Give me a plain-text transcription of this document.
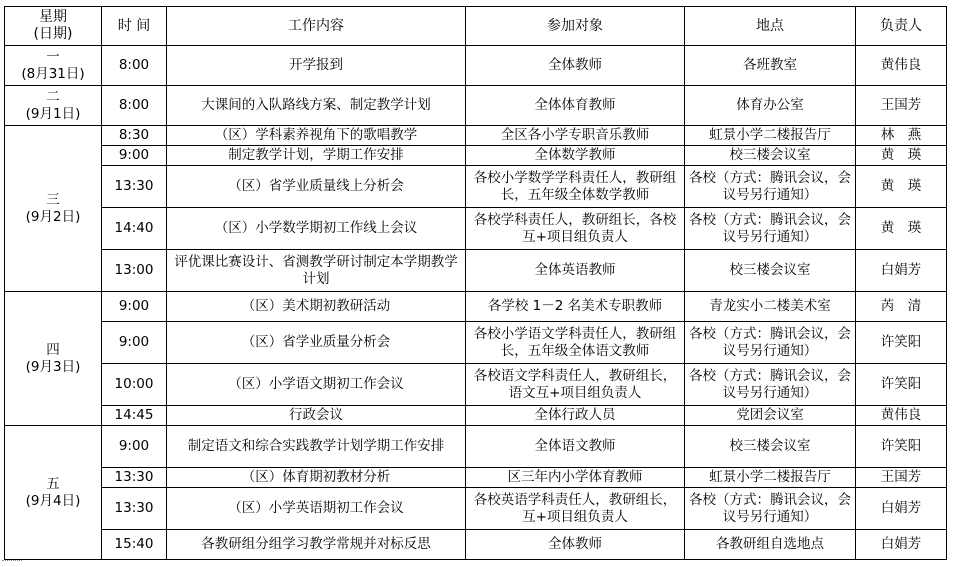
星期
(日期)	时 间	工作内容	参加对象	地点	负责人
一
(8月31日)	8:00	开学报到	全体教师	各班教室	黄伟良
二
(9月1日)	8:00	大课间的入队路线方案、制定教学计划	全体体育教师	体育办公室	王国芳
三
(9月2日)	8:30	（区）学科素养视角下的歌唱教学	全区各小学专职音乐教师	虹景小学二楼报告厅	林　燕
	9:00	制定教学计划，学期工作安排	全体数学教师	校三楼会议室	黄　瑛
	13:30	（区）省学业质量线上分析会	各校小学数学学科责任人，教研组长，五年级全体数学教师	各校（方式：腾讯会议，会议号另行通知）	黄　瑛
	14:40	（区）小学数学期初工作线上会议	各校学科责任人，教研组长，各校互+项目组负责人	各校（方式：腾讯会议，会议号另行通知）	黄　瑛
	13:00	评优课比赛设计、省测教学研讨制定本学期教学计划	全体英语教师	校三楼会议室	白娟芳
四
(9月3日)	9:00	（区）美术期初教研活动	各学校 1－2 名美术专职教师	青龙实小二楼美术室	芮　清
	9:00	（区）省学业质量分析会	各校小学语文学科责任人，教研组长，五年级全体语文教师	各校（方式：腾讯会议，会议号另行通知）	许笑阳
	10:00	（区）小学语文期初工作会议	各校语文学科责任人，教研组长，语文互+项目组负责人	各校（方式：腾讯会议，会议号另行通知）	许笑阳
	14:45	行政会议	全体行政人员	党团会议室	黄伟良
五
(9月4日)	9:00	制定语文和综合实践教学计划学期工作安排	全体语文教师	校三楼会议室	许笑阳
	13:30	（区）体育期初教材分析	区三年内小学体育教师	虹景小学二楼报告厅	王国芳
	13:30	（区）小学英语期初工作会议	各校英语学科责任人，教研组长，互+项目组负责人	各校（方式：腾讯会议，会议号另行通知）	白娟芳
	15:40	各教研组分组学习教学常规并对标反思	全体教师	各教研组自选地点	白娟芳
